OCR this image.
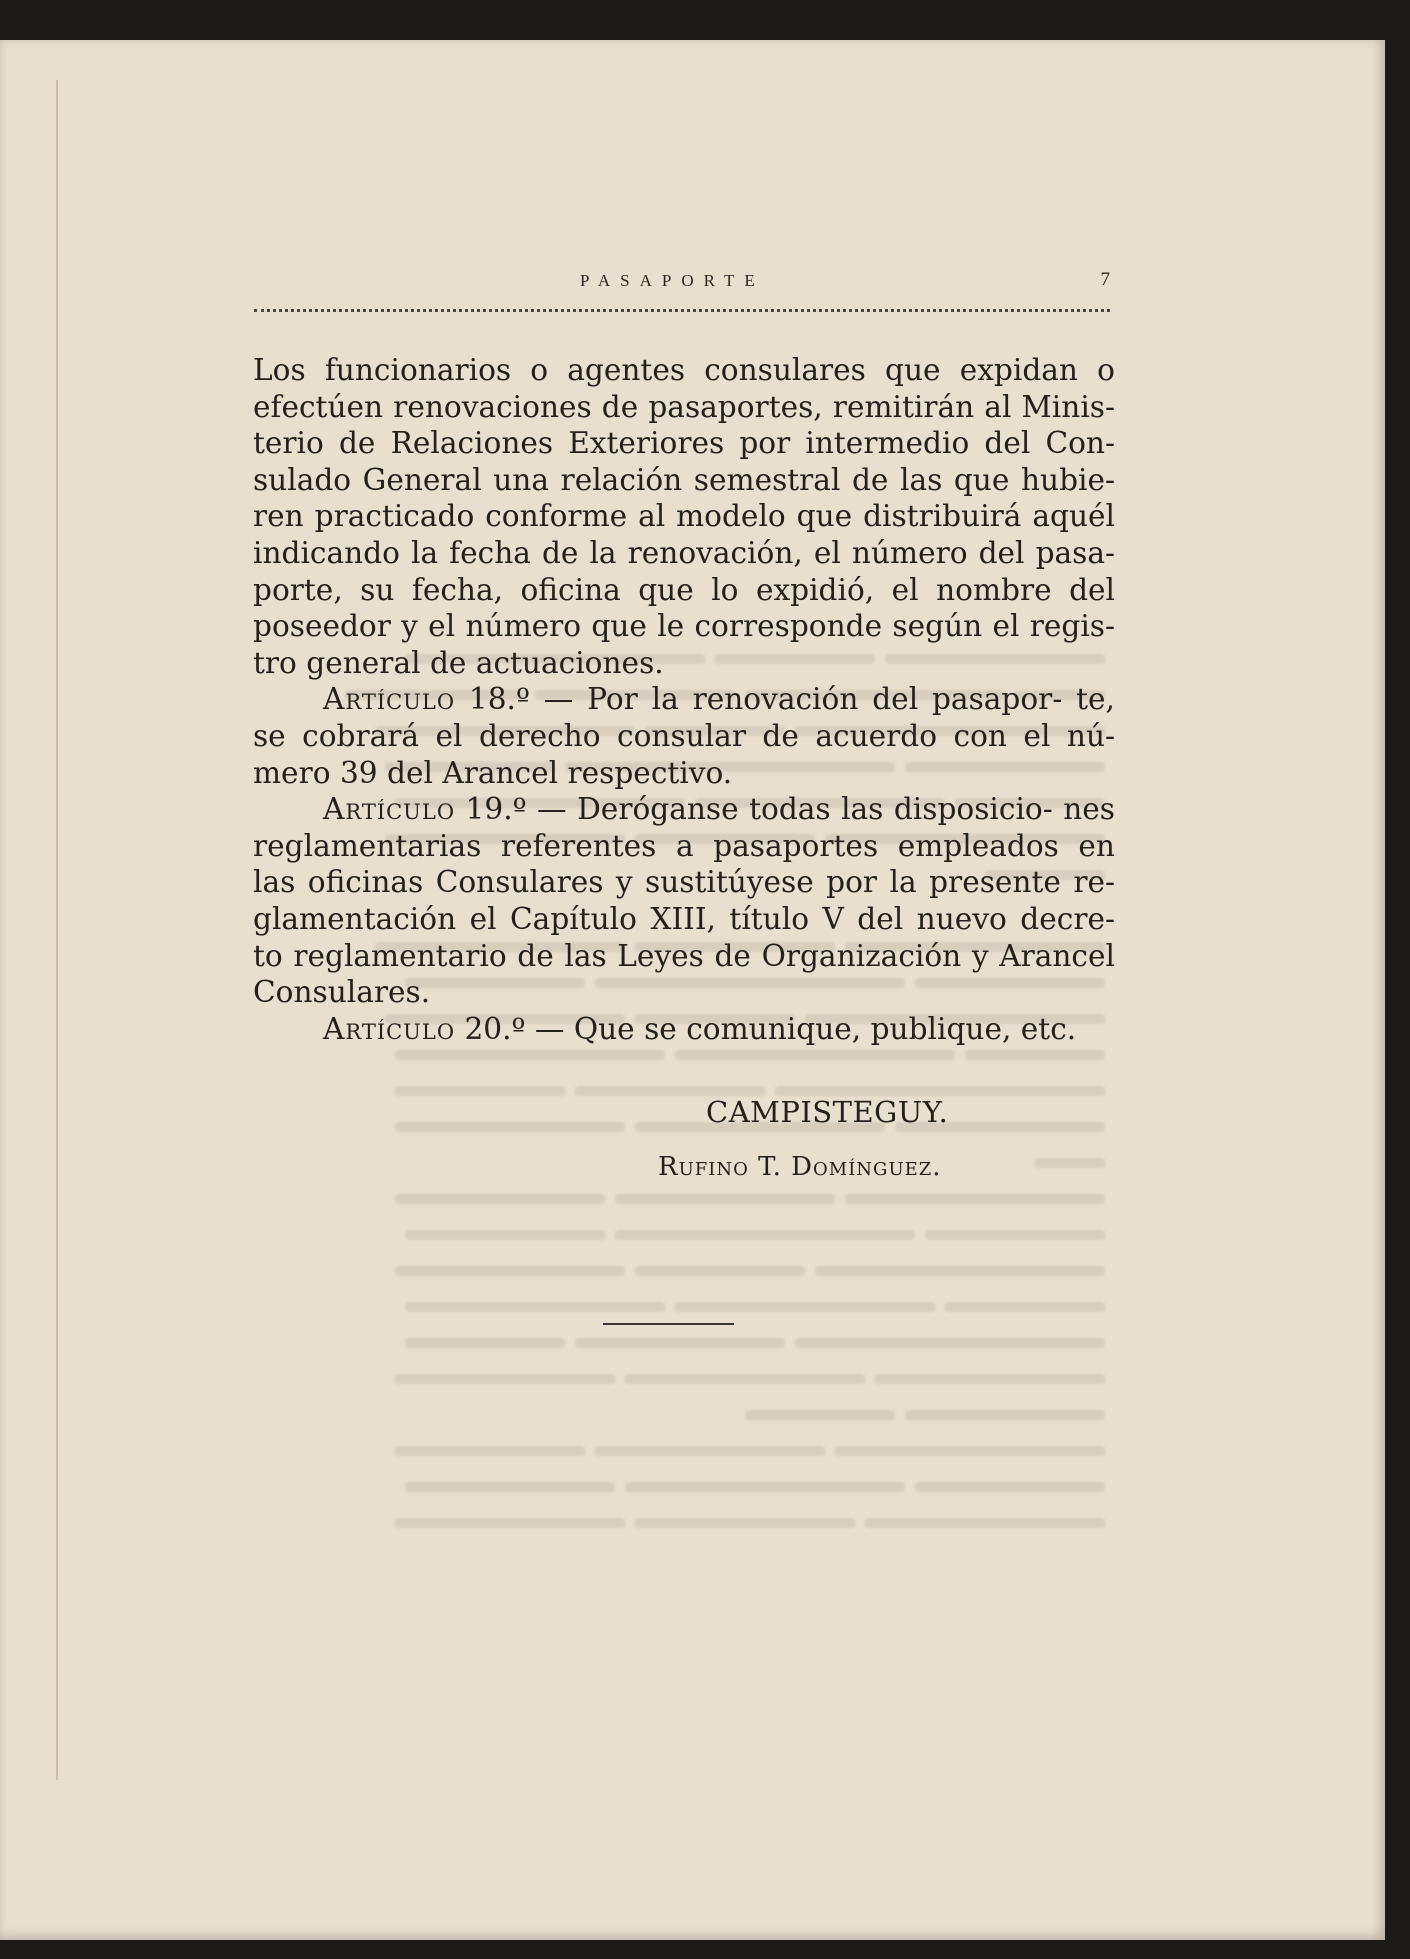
PASAPORTE	7

Los funcionarios o agentes consulares que expidan o efectúen renovaciones de pasaportes, remitirán al Minis- terio de Relaciones Exteriores por intermedio del Con- sulado General una relación semestral de las que hubie- ren practicado conforme al modelo que distribuirá aquél indicando la fecha de la renovación, el número del pasa- porte, su fecha, oficina que lo expidió, el nombre del poseedor y el número que le corresponde según el regis- tro general de actuaciones.

Artículo 18.º — Por la renovación del pasapor- te, se cobrará el derecho consular de acuerdo con el nú- mero 39 del Arancel respectivo.

Artículo 19.º — Deróganse todas las disposicio- nes reglamentarias referentes a pasaportes empleados en las oficinas Consulares y sustitúyese por la presente re- glamentación el Capítulo XIII, título V del nuevo decre- to reglamentario de las Leyes de Organización y Arancel Consulares.

Artículo 20.º — Que se comunique, publique, etc.

CAMPISTEGUY.
Rufino T. Domínguez.
